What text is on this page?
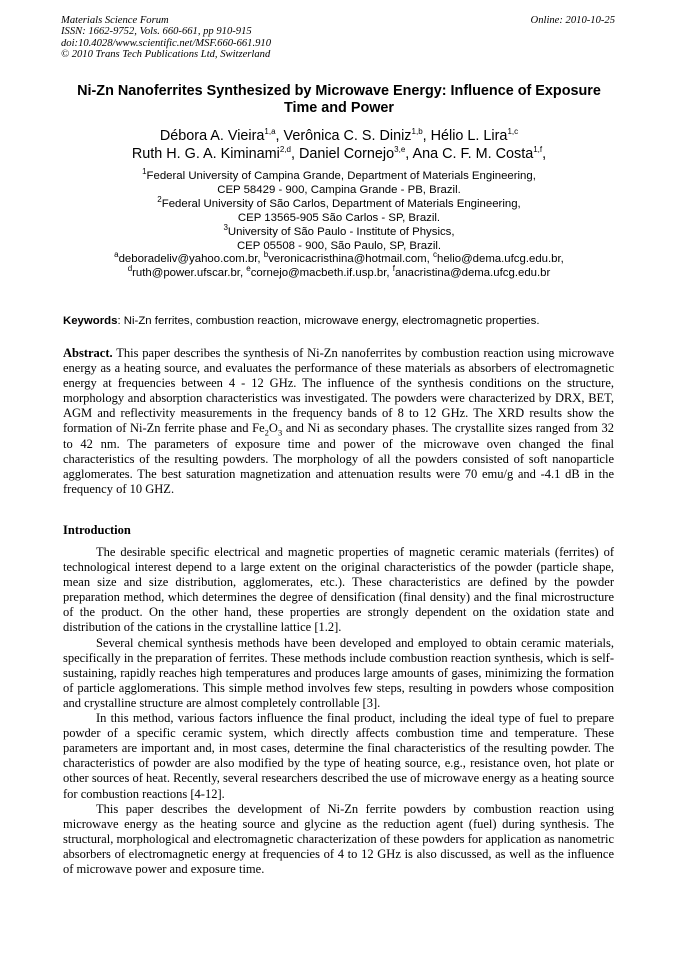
Materials Science Forum
ISSN: 1662-9752, Vols. 660-661, pp 910-915
doi:10.4028/www.scientific.net/MSF.660-661.910
© 2010 Trans Tech Publications Ltd, Switzerland
Online: 2010-10-25
Ni-Zn Nanoferrites Synthesized by Microwave Energy: Influence of Exposure Time and Power
Débora A. Vieira$^{1,a}$, Verônica C. S. Diniz$^{1,b}$, Hélio L. Lira$^{1,c}$
Ruth H. G. A. Kiminami$^{2,d}$, Daniel Cornejo$^{3,e}$, Ana C. F. M. Costa$^{1,f}$,
$^1$Federal University of Campina Grande, Department of Materials Engineering,
CEP 58429 - 900, Campina Grande - PB, Brazil.
$^2$Federal University of São Carlos, Department of Materials Engineering,
CEP 13565-905 São Carlos - SP, Brazil.
$^3$University of São Paulo - Institute of Physics,
CEP 05508 - 900, São Paulo, SP, Brazil.
$^a$deboradeliv@yahoo.com.br, $^b$veronicacristhina@hotmail.com, $^c$helio@dema.ufcg.edu.br,
$^d$ruth@power.ufscar.br, $^e$cornejo@macbeth.if.usp.br, $^f$anacristina@dema.ufcg.edu.br
Keywords: Ni-Zn ferrites, combustion reaction, microwave energy, electromagnetic properties.

Abstract. This paper describes the synthesis of Ni-Zn nanoferrites by combustion reaction using microwave energy as a heating source, and evaluates the performance of these materials as absorbers of electromagnetic energy at frequencies between 4 - 12 GHz. The influence of the synthesis conditions on the structure, morphology and absorption characteristics was investigated. The powders were characterized by DRX, BET, AGM and reflectivity measurements in the frequency bands of 8 to 12 GHz. The XRD results show the formation of Ni-Zn ferrite phase and $Fe_2O_3$ and Ni as secondary phases. The crystallite sizes ranged from 32 to 42 nm. The parameters of exposure time and power of the microwave oven changed the final characteristics of the resulting powders. The morphology of all the powders consisted of soft nanoparticle agglomerates. The best saturation magnetization and attenuation results were 70 emu/g and -4.1 dB in the frequency of 10 GHZ.

Introduction

The desirable specific electrical and magnetic properties of magnetic ceramic materials (ferrites) of technological interest depend to a large extent on the original characteristics of the powder (particle shape, mean size and size distribution, agglomerates, etc.). These characteristics are defined by the powder preparation method, which determines the degree of densification (final density) and the final microstructure of the product. On the other hand, these properties are strongly dependent on the oxidation state and distribution of the cations in the crystalline lattice [1.2].

Several chemical synthesis methods have been developed and employed to obtain ceramic materials, specifically in the preparation of ferrites. These methods include combustion reaction synthesis, which is self-sustaining, rapidly reaches high temperatures and produces large amounts of gases, minimizing the formation of particle agglomerations. This simple method involves few steps, resulting in powders whose composition and crystalline structure are almost completely controllable [3].

In this method, various factors influence the final product, including the ideal type of fuel to prepare powder of a specific ceramic system, which directly affects combustion time and temperature. These parameters are important and, in most cases, determine the final characteristics of the resulting powder. The characteristics of powder are also modified by the type of heating source, e.g., resistance oven, hot plate or other sources of heat. Recently, several researchers described the use of microwave energy as a heating source for combustion reactions [4-12].

This paper describes the development of Ni-Zn ferrite powders by combustion reaction using microwave energy as the heating source and glycine as the reduction agent (fuel) during synthesis. The structural, morphological and electromagnetic characterization of these powders for application as nanometric absorbers of electromagnetic energy at frequencies of 4 to 12 GHz is also discussed, as well as the influence of microwave power and exposure time.
